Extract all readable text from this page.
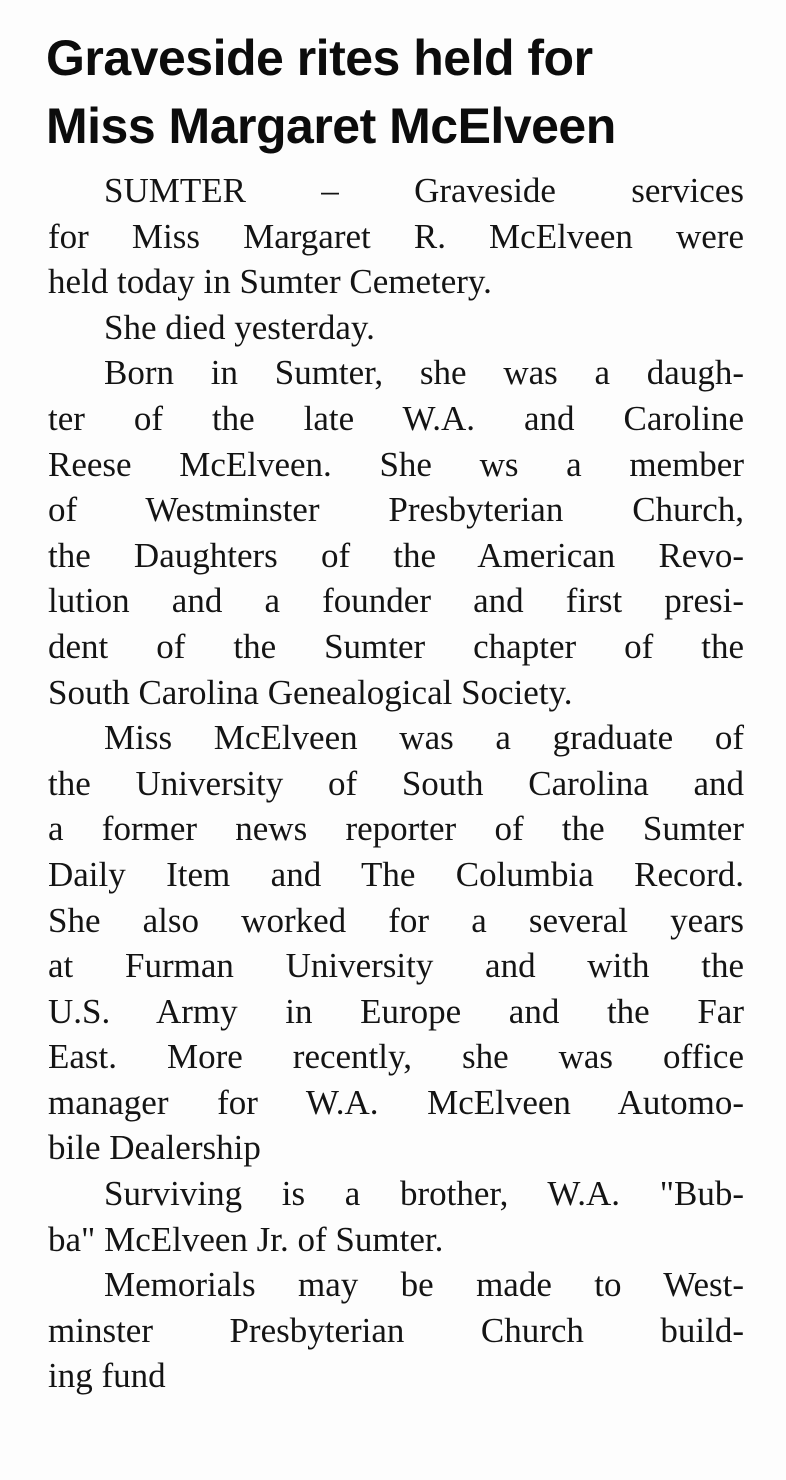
Graveside rites held for
Miss Margaret McElveen
SUMTER – Graveside services
for Miss Margaret R. McElveen were
held today in Sumter Cemetery.
She died yesterday.
Born in Sumter, she was a daugh-
ter of the late W.A. and Caroline
Reese McElveen. She ws a member
of Westminster Presbyterian Church,
the Daughters of the American Revo-
lution and a founder and first presi-
dent of the Sumter chapter of the
South Carolina Genealogical Society.
Miss McElveen was a graduate of
the University of South Carolina and
a former news reporter of the Sumter
Daily Item and The Columbia Record.
She also worked for a several years
at Furman University and with the
U.S. Army in Europe and the Far
East. More recently, she was office
manager for W.A. McElveen Automo-
bile Dealership
Surviving is a brother, W.A. "Bub-
ba" McElveen Jr. of Sumter.
Memorials may be made to West-
minster Presbyterian Church build-
ing fund
